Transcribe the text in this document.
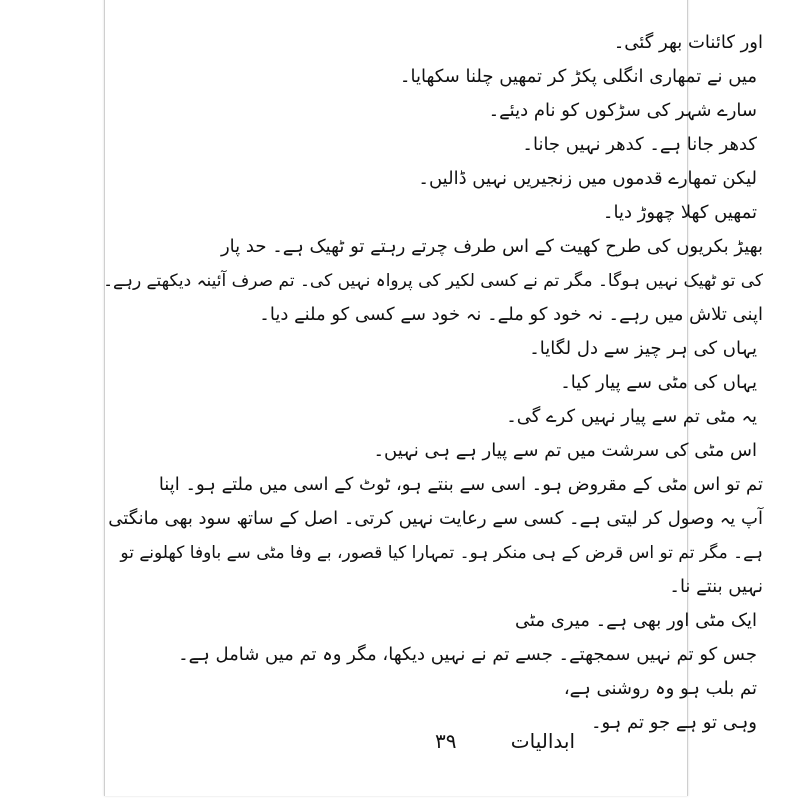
اور کائنات بھر گئی۔
میں نے تمھاری انگلی پکڑ کر تمھیں چلنا سکھایا۔
سارے شہر کی سڑکوں کو نام دیئے۔
کدھر جانا ہے۔ کدھر نہیں جانا۔
لیکن تمھارے قدموں میں زنجیریں نہیں ڈالیں۔
تمھیں کھلا چھوڑ دیا۔
بھیڑ بکریوں کی طرح کھیت کے اس طرف چرتے رہتے تو ٹھیک ہے۔ حد پار
کی تو ٹھیک نہیں ہوگا۔ مگر تم نے کسی لکیر کی پرواہ نہیں کی۔ تم صرف آئینہ دیکھتے رہے۔
اپنی تلاش میں رہے۔ نہ خود کو ملے۔ نہ خود سے کسی کو ملنے دیا۔
یہاں کی ہر چیز سے دل لگایا۔
یہاں کی مٹی سے پیار کیا۔
یہ مٹی تم سے پیار نہیں کرے گی۔
اس مٹی کی سرشت میں تم سے پیار ہے ہی نہیں۔
تم تو اس مٹی کے مقروض ہو۔ اسی سے بنتے ہو، ٹوٹ کے اسی میں ملتے ہو۔ اپنا
آپ یہ وصول کر لیتی ہے۔ کسی سے رعایت نہیں کرتی۔ اصل کے ساتھ سود بھی مانگتی
ہے۔ مگر تم تو اس قرض کے ہی منکر ہو۔ تمہارا کیا قصور، بے وفا مٹی سے باوفا کھلونے تو
نہیں بنتے نا۔
ایک مٹی اور بھی ہے۔ میری مٹی
جس کو تم نہیں سمجھتے۔ جسے تم نے نہیں دیکھا، مگر وہ تم میں شامل ہے۔
تم بلب ہو وہ روشنی ہے،
وہی تو ہے جو تم ہو۔
ابدالیات
۳۹
